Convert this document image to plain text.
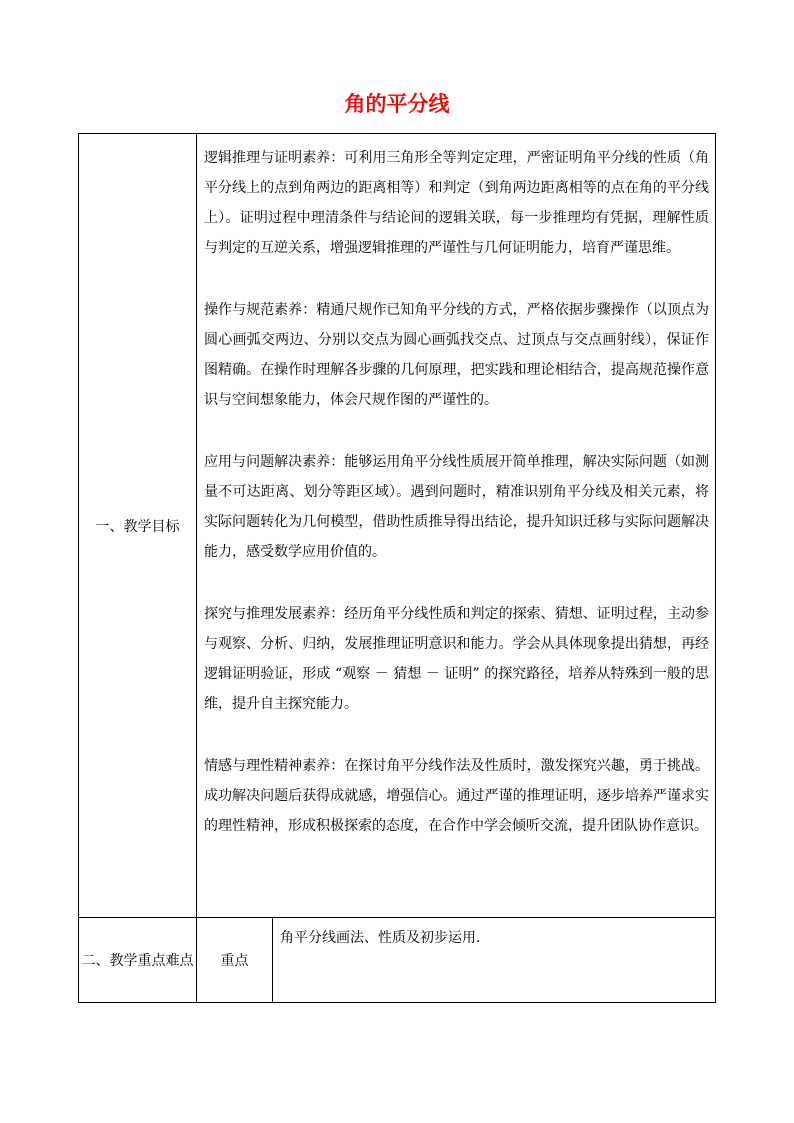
角的平分线
一、教学目标

逻辑推理与证明素养：可利用三角形全等判定定理，严密证明角平分线的性质（角平分线上的点到角两边的距离相等）和判定（到角两边距离相等的点在角的平分线上）。证明过程中理清条件与结论间的逻辑关联，每一步推理均有凭据，理解性质与判定的互逆关系，增强逻辑推理的严谨性与几何证明能力，培育严谨思维。

操作与规范素养：精通尺规作已知角平分线的方式，严格依据步骤操作（以顶点为圆心画弧交两边、分别以交点为圆心画弧找交点、过顶点与交点画射线），保证作图精确。在操作时理解各步骤的几何原理，把实践和理论相结合，提高规范操作意识与空间想象能力，体会尺规作图的严谨性的。

应用与问题解决素养：能够运用角平分线性质展开简单推理，解决实际问题（如测量不可达距离、划分等距区域）。遇到问题时，精准识别角平分线及相关元素，将实际问题转化为几何模型，借助性质推导得出结论，提升知识迁移与实际问题解决能力，感受数学应用价值的。

探究与推理发展素养：经历角平分线性质和判定的探索、猜想、证明过程，主动参与观察、分析、归纳，发展推理证明意识和能力。学会从具体现象提出猜想，再经逻辑证明验证，形成 “观察 － 猜想 － 证明” 的探究路径，培养从特殊到一般的思维，提升自主探究能力。

情感与理性精神素养：在探讨角平分线作法及性质时，激发探究兴趣，勇于挑战。成功解决问题后获得成就感，增强信心。通过严谨的推理证明，逐步培养严谨求实的理性精神，形成积极探索的态度，在合作中学会倾听交流，提升团队协作意识。

二、教学重点难点	重点
角平分线画法、性质及初步运用.
